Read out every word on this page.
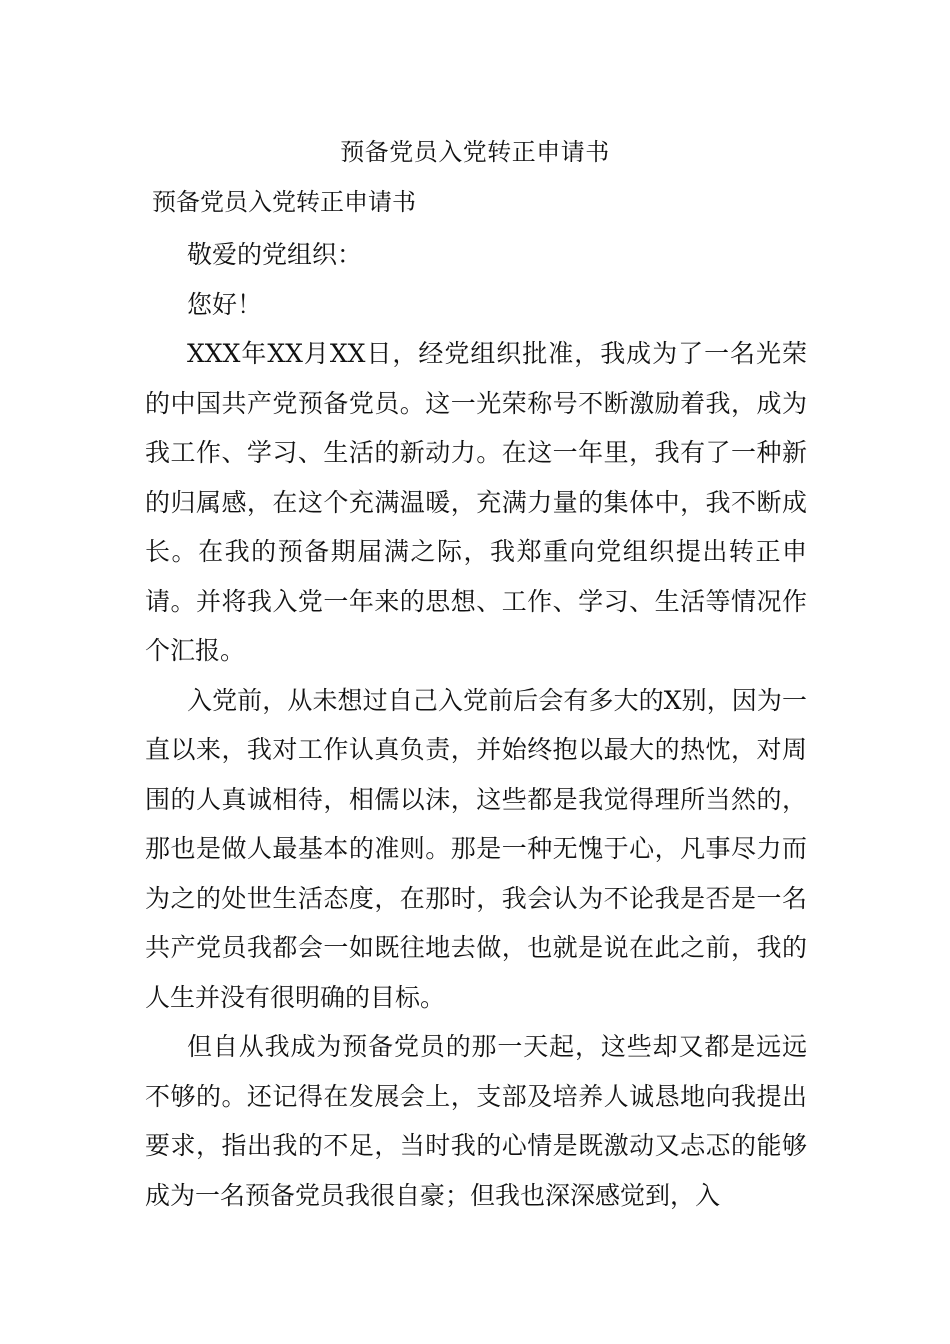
预备党员入党转正申请书
预备党员入党转正申请书

敬爱的党组织：

您好！

XXX年XX月XX日，经党组织批准，我成为了一名光荣的中国共产党预备党员。这一光荣称号不断激励着我，成为我工作、学习、生活的新动力。在这一年里，我有了一种新的归属感，在这个充满温暖，充满力量的集体中，我不断成长。在我的预备期届满之际，我郑重向党组织提出转正申请。并将我入党一年来的思想、工作、学习、生活等情况作个汇报。

入党前，从未想过自己入党前后会有多大的X别，因为一直以来，我对工作认真负责，并始终抱以最大的热忱，对周围的人真诚相待，相儒以沫，这些都是我觉得理所当然的，那也是做人最基本的准则。那是一种无愧于心，凡事尽力而为之的处世生活态度，在那时，我会认为不论我是否是一名共产党员我都会一如既往地去做，也就是说在此之前，我的人生并没有很明确的目标。

但自从我成为预备党员的那一天起，这些却又都是远远不够的。还记得在发展会上，支部及培养人诚恳地向我提出要求，指出我的不足，当时我的心情是既激动又忐忑的能够成为一名预备党员我很自豪；但我也深深感觉到，入
